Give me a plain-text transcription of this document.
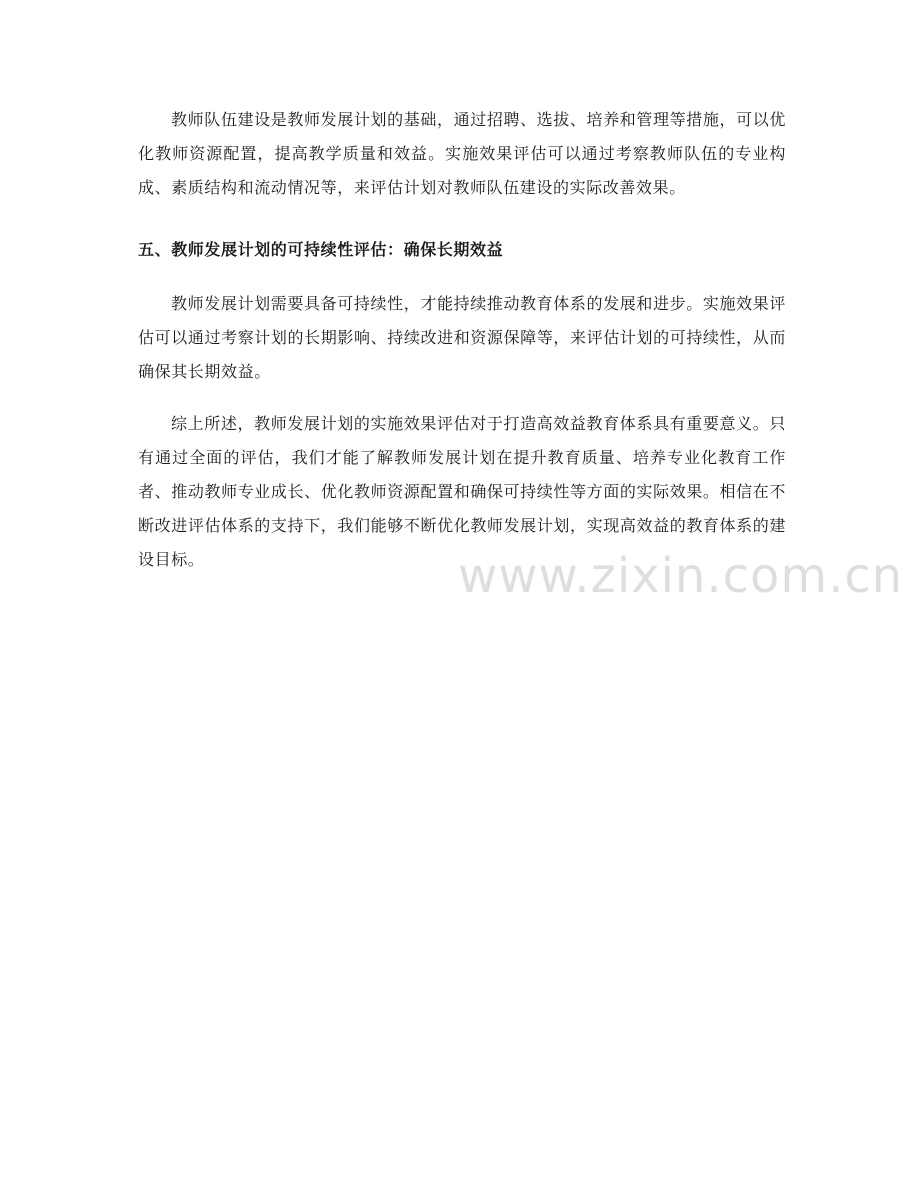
教师队伍建设是教师发展计划的基础，通过招聘、选拔、培养和管理等措施，可以优化教师资源配置，提高教学质量和效益。实施效果评估可以通过考察教师队伍的专业构成、素质结构和流动情况等，来评估计划对教师队伍建设的实际改善效果。

五、教师发展计划的可持续性评估：确保长期效益

教师发展计划需要具备可持续性，才能持续推动教育体系的发展和进步。实施效果评估可以通过考察计划的长期影响、持续改进和资源保障等，来评估计划的可持续性，从而确保其长期效益。

综上所述，教师发展计划的实施效果评估对于打造高效益教育体系具有重要意义。只有通过全面的评估，我们才能了解教师发展计划在提升教育质量、培养专业化教育工作者、推动教师专业成长、优化教师资源配置和确保可持续性等方面的实际效果。相信在不断改进评估体系的支持下，我们能够不断优化教师发展计划，实现高效益的教育体系的建设目标。	www.zixin.com.cn
